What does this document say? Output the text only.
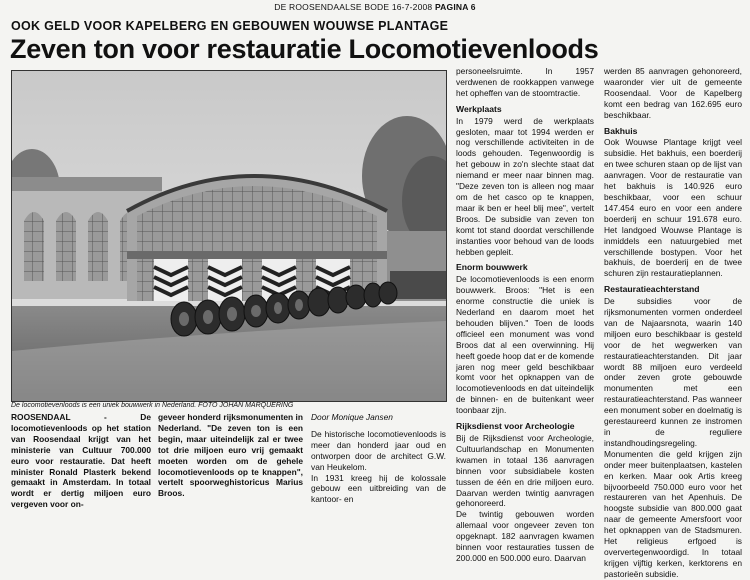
DE ROOSENDAALSE BODE 16-7-2008 PAGINA 6
OOK GELD VOOR KAPELBERG EN GEBOUWEN WOUWSE PLANTAGE
Zeven ton voor restauratie Locomotievenloods
De locomotievenloods is een uniek bouwwerk in Nederland. FOTO JOHAN MARQUERING

ROOSENDAAL - De locomotievenloods op het station van Roosendaal krijgt van het ministerie van Cultuur 700.000 euro voor restauratie. Dat heeft minister Ronald Plasterk bekend gemaakt in Amsterdam. In totaal wordt er dertig miljoen euro vergeven voor on-

geveer honderd rijksmonumenten in Nederland. "De zeven ton is een begin, maar uiteindelijk zal er twee tot drie miljoen euro vrij gemaakt moeten worden om de gehele locomotievenloods op te knappen", vertelt spoorweghistoricus Marius Broos.

Door Monique Jansen

De historische locomotievenloods is meer dan honderd jaar oud en ontworpen door de architect G.W. van Heukelom.

In 1931 kreeg hij de kolossale gebouw een uitbreiding van de kantoor- en

personeelsruimte. In 1957 verdwenen de rookkappen vanwege het opheffen van de stoomtractie.

Werkplaats

In 1979 werd de werkplaats gesloten, maar tot 1994 werden er nog verschillende activiteiten in de loods gehouden. Tegenwoordig is het gebouw in zo'n slechte staat dat niemand er meer naar binnen mag. "Deze zeven ton is alleen nog maar om de het casco op te knappen, maar ik ben er heel blij mee", vertelt Broos. De subsidie van zeven ton komt tot stand doordat verschillende instanties voor behoud van de loods hebben gepleit.

Enorm bouwwerk

De locomotievenloods is een enorm bouwwerk. Broos: "Het is een enorme constructie die uniek is Nederland en daarom moet het behouden blijven." Toen de loods officieel een monument was vond Broos dat al een overwinning. Hij heeft goede hoop dat er de komende jaren nog meer geld beschikbaar komt voor het opknappen van de locomotievenloods en dat uiteindelijk de binnen- en de buitenkant weer toonbaar zijn.

Rijksdienst voor Archeologie

Bij de Rijksdienst voor Archeologie, Cultuurlandschap en Monumenten kwamen in totaal 136 aanvragen binnen voor subsidiabele kosten tussen de één en drie miljoen euro. Daarvan werden twintig aanvragen gehonoreerd.

De twintig gebouwen worden allemaal voor ongeveer zeven ton opgeknapt. 182 aanvragen kwamen binnen voor restauraties tussen de 200.000 en 500.000 euro. Daarvan

werden 85 aanvragen gehonoreerd, waaronder vier uit de gemeente Roosendaal. Voor de Kapelberg komt een bedrag van 162.695 euro beschikbaar.

Bakhuis

Ook Wouwse Plantage krijgt veel subsidie. Het bakhuis, een boerderij en twee schuren staan op de lijst van aanvragen. Voor de restauratie van het bakhuis is 140.926 euro beschikbaar, voor een schuur 147.454 euro en voor een andere boerderij en schuur 191.678 euro. Het landgoed Wouwse Plantage is inmiddels een natuurgebied met verschillende bostypen. Voor het bakhuis, de boerderij en de twee schuren zijn restauratieplannen.

Restauratieachterstand

De subsidies voor de rijksmonumenten vormen onderdeel van de Najaarsnota, waarin 140 miljoen euro beschikbaar is gesteld voor de het wegwerken van restauratieachterstanden. Dit jaar wordt 88 miljoen euro verdeeld onder zeven grote gebouwde monumenten met een restauratieachterstand. Pas wanneer een monument sober en doelmatig is gerestaureerd kunnen ze instromen in de reguliere instandhoudingsregeling. Monumenten die geld krijgen zijn onder meer buitenplaatsen, kastelen en kerken. Maar ook Artis kreeg bijvoorbeeld 750.000 euro voor het restaureren van het Apenhuis. De hoogste subsidie van 800.000 gaat naar de gemeente Amersfoort voor het opknappen van de Stadsmuren. Het religieus erfgoed is oververtegenwoordigd. In totaal krijgen vijftig kerken, kerktorens en pastorieën subsidie.
